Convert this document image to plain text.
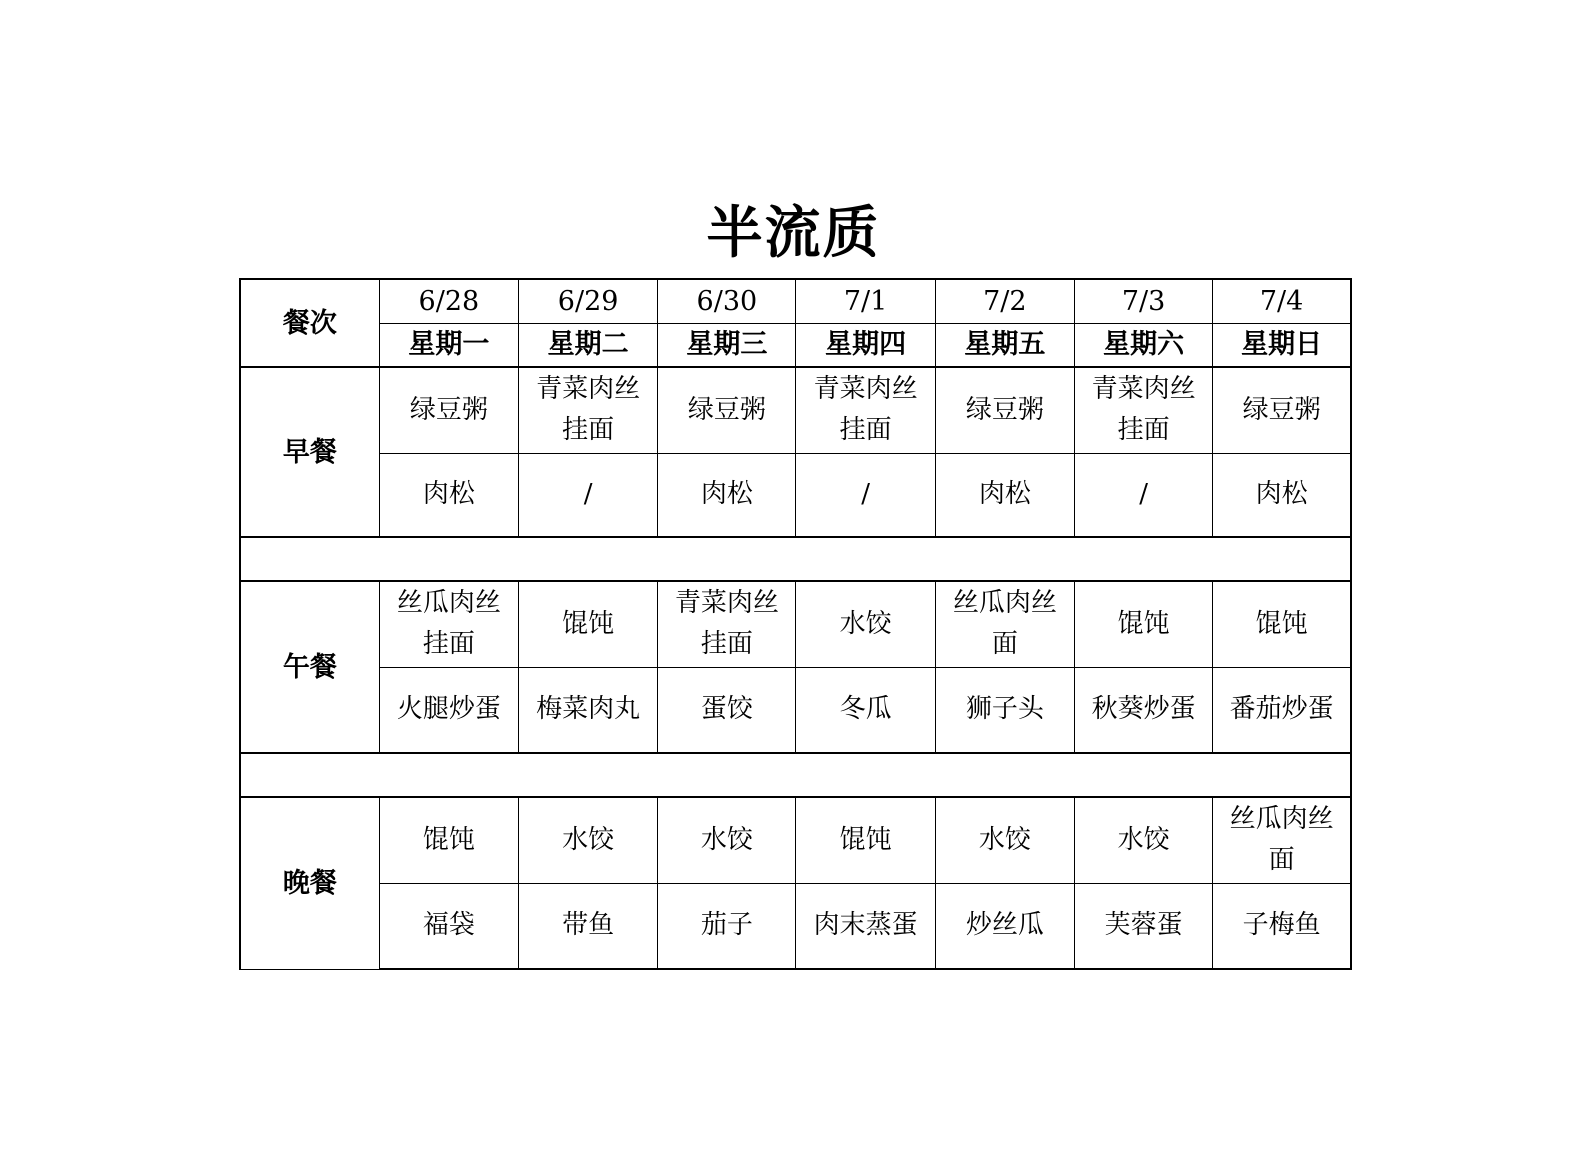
半流质
餐次	6/28	6/29	6/30	7/1	7/2	7/3	7/4
	星期一	星期二	星期三	星期四	星期五	星期六	星期日
早餐	绿豆粥	青菜肉丝挂面	绿豆粥	青菜肉丝挂面	绿豆粥	青菜肉丝挂面	绿豆粥

	肉松	/	肉松	/	肉松	/	肉松

午餐	丝瓜肉丝挂面	馄饨	青菜肉丝挂面	水饺	丝瓜肉丝面	馄饨	馄饨

	火腿炒蛋	梅菜肉丸	蛋饺	冬瓜	狮子头	秋葵炒蛋	番茄炒蛋

晚餐	馄饨	水饺	水饺	馄饨	水饺	水饺	丝瓜肉丝面

	福袋	带鱼	茄子	肉末蒸蛋	炒丝瓜	芙蓉蛋	子梅鱼
